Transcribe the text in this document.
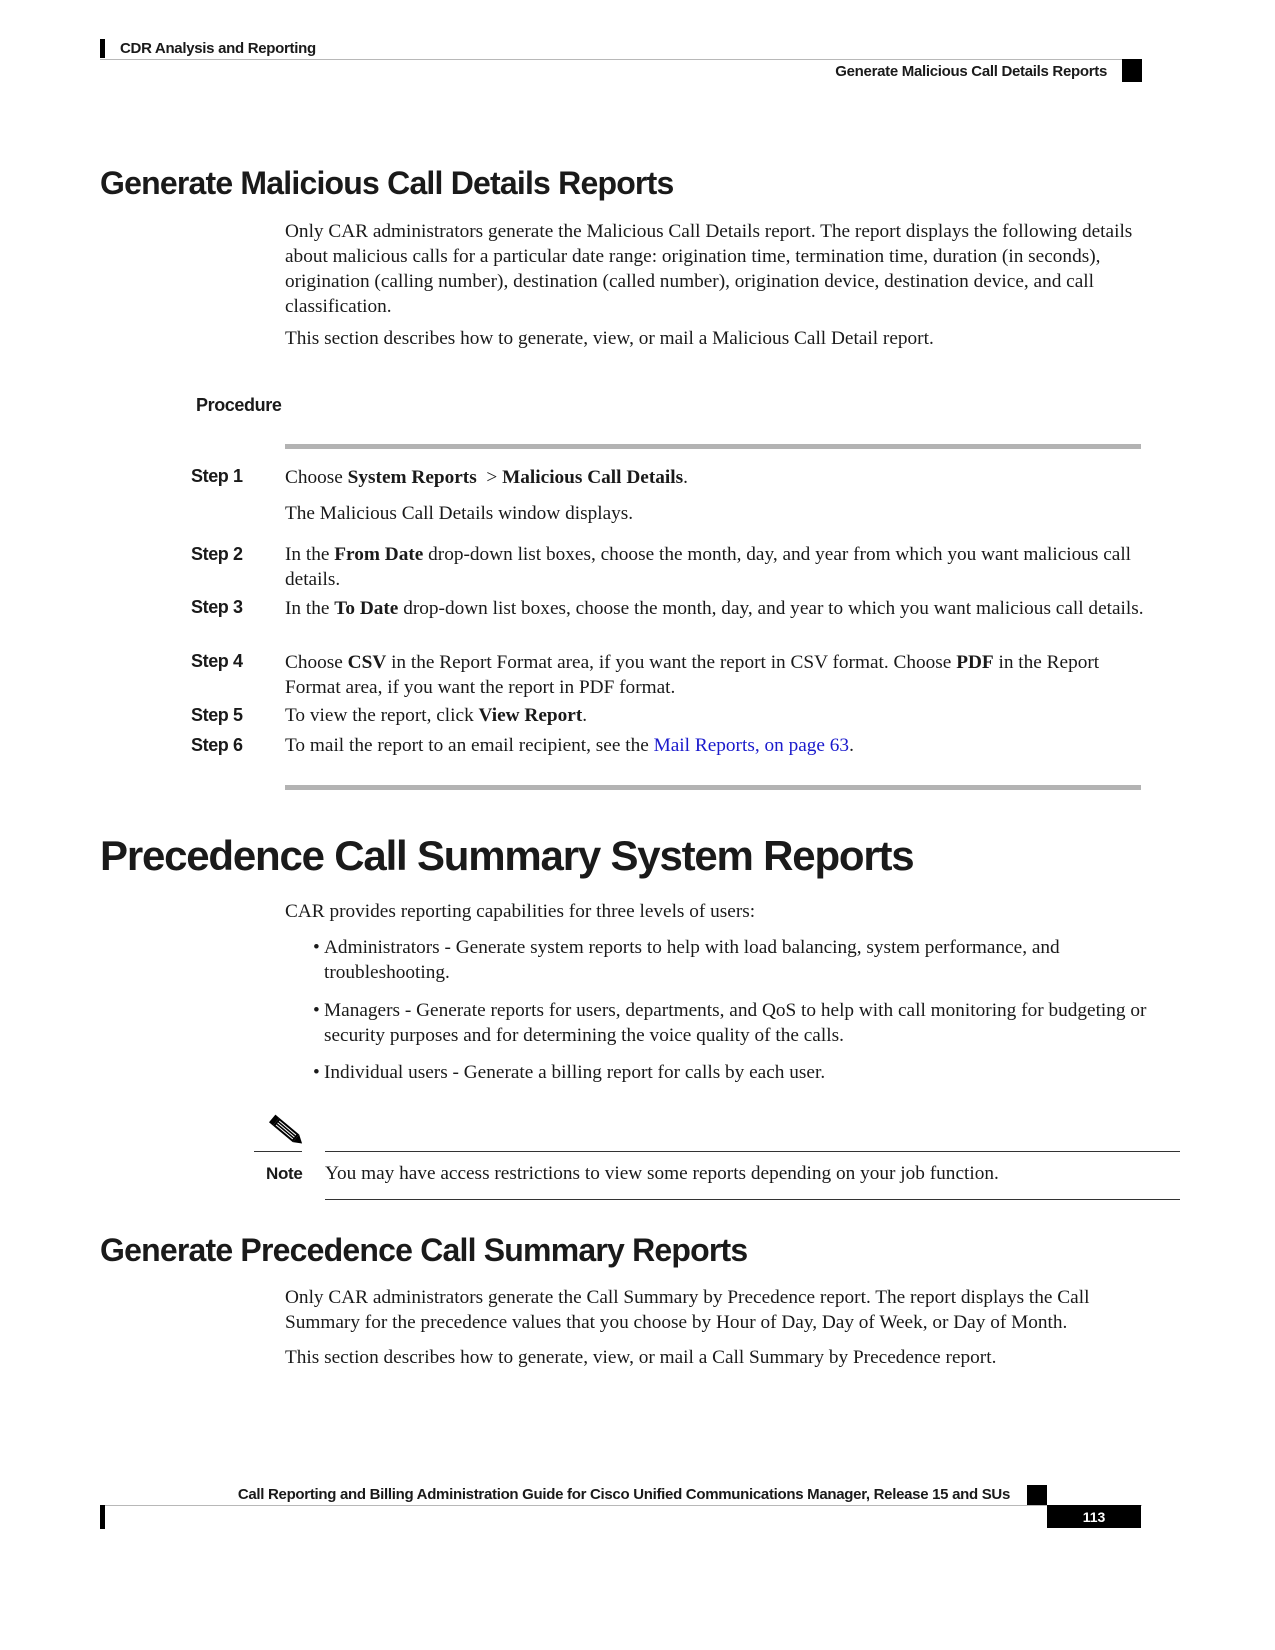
CDR Analysis and Reporting
Generate Malicious Call Details Reports
Generate Malicious Call Details Reports
Only CAR administrators generate the Malicious Call Details report. The report displays the following details about malicious calls for a particular date range: origination time, termination time, duration (in seconds), origination (calling number), destination (called number), origination device, destination device, and call classification.
This section describes how to generate, view, or mail a Malicious Call Detail report.
Procedure
Step 1 Choose System Reports  > Malicious Call Details.
The Malicious Call Details window displays.
Step 2 In the From Date drop-down list boxes, choose the month, day, and year from which you want malicious call details.
Step 3 In the To Date drop-down list boxes, choose the month, day, and year to which you want malicious call details.
Step 4 Choose CSV in the Report Format area, if you want the report in CSV format. Choose PDF in the Report Format area, if you want the report in PDF format.
Step 5 To view the report, click View Report.
Step 6 To mail the report to an email recipient, see the Mail Reports, on page 63.
Precedence Call Summary System Reports
CAR provides reporting capabilities for three levels of users:
• Administrators - Generate system reports to help with load balancing, system performance, and troubleshooting.
• Managers - Generate reports for users, departments, and QoS to help with call monitoring for budgeting or security purposes and for determining the voice quality of the calls.
• Individual users - Generate a billing report for calls by each user.
Note You may have access restrictions to view some reports depending on your job function.
Generate Precedence Call Summary Reports
Only CAR administrators generate the Call Summary by Precedence report. The report displays the Call Summary for the precedence values that you choose by Hour of Day, Day of Week, or Day of Month.
This section describes how to generate, view, or mail a Call Summary by Precedence report.
Call Reporting and Billing Administration Guide for Cisco Unified Communications Manager, Release 15 and SUs
113
